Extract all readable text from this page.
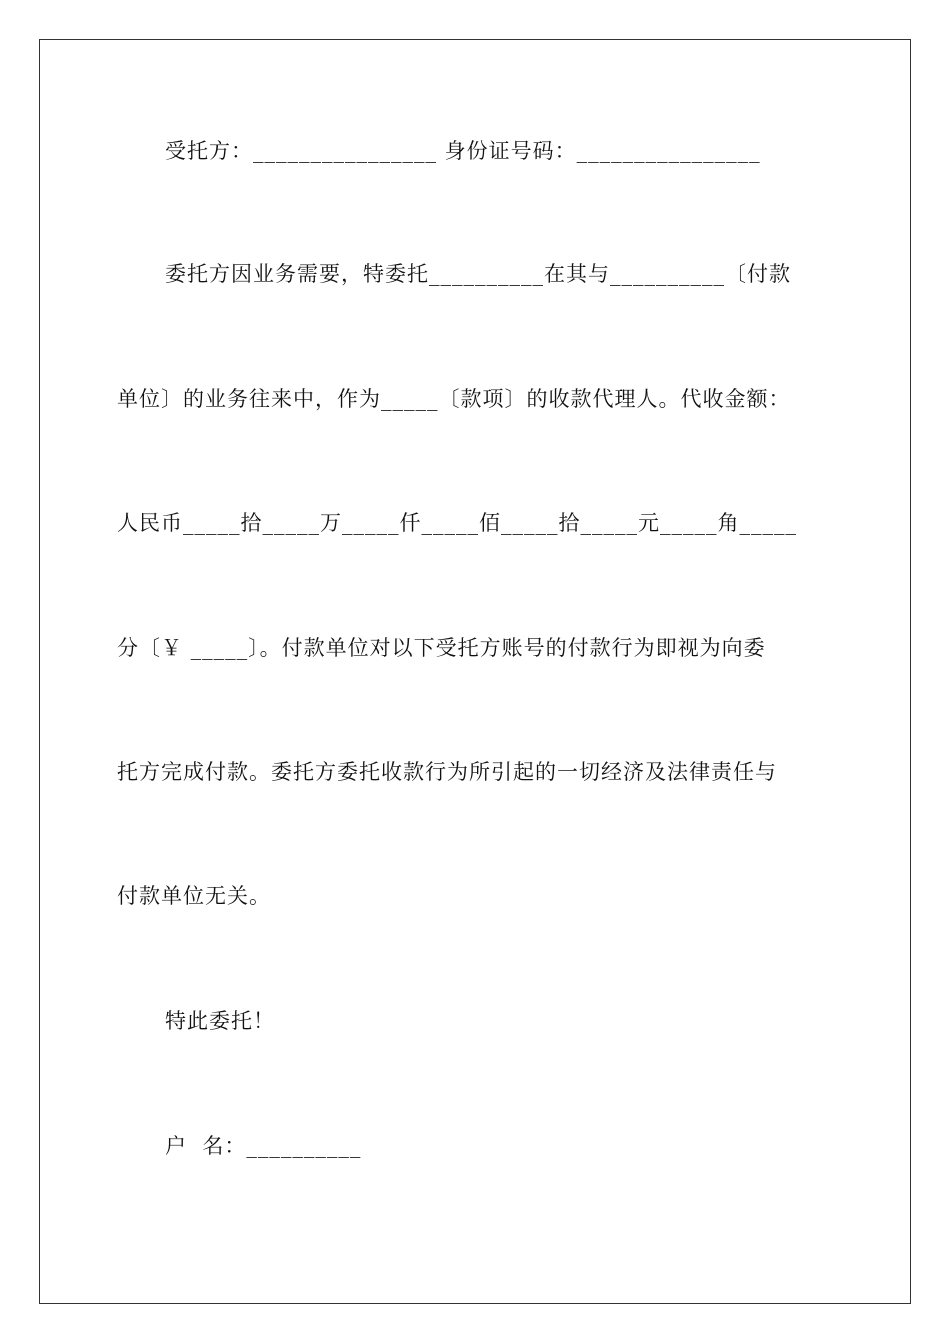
受托方：________________ 身份证号码：________________
委托方因业务需要，特委托__________在其与__________〔付款
单位〕的业务往来中，作为_____〔款项〕的收款代理人。代收金额：
人民币_____拾_____万_____仟_____佰_____拾_____元_____角_____
分〔￥ _____〕。付款单位对以下受托方账号的付款行为即视为向委
托方完成付款。委托方委托收款行为所引起的一切经济及法律责任与
付款单位无关。
特此委托！
户  名：__________
